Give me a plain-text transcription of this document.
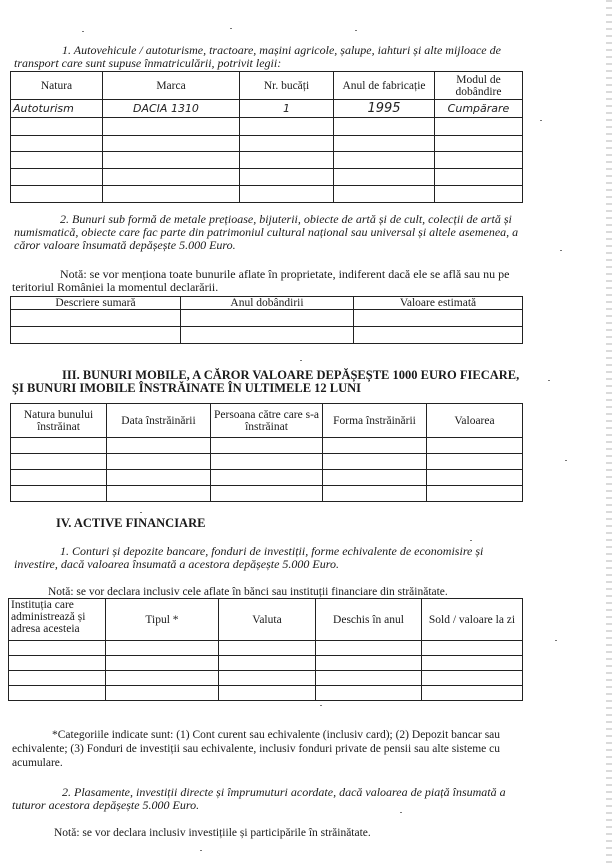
1. Autovehicule / autoturisme, tractoare, mașini agricole, șalupe, iahturi și alte mijloace de transport care sunt supuse înmatriculării, potrivit legii:
Natura	Marca	Nr. bucăți	Anul de fabricație	Modul de dobândire
Autoturism	DACIA 1310	1	1995	Cumpărare

2. Bunuri sub formă de metale prețioase, bijuterii, obiecte de artă și de cult, colecții de artă și numismatică, obiecte care fac parte din patrimoniul cultural național sau universal și altele asemenea, a căror valoare însumată depășește 5.000 Euro.
Notă: se vor menționa toate bunurile aflate în proprietate, indiferent dacă ele se află sau nu pe teritoriul României la momentul declarării.
Descriere sumară	Anul dobândirii	Valoare estimată

III. BUNURI MOBILE, A CĂROR VALOARE DEPĂȘEȘTE 1000 EURO FIECARE,
ȘI BUNURI IMOBILE ÎNSTRĂINATE ÎN ULTIMELE 12 LUNI
Natura bunului înstrăinat	Data înstrăinării	Persoana către care s-a înstrăinat	Forma înstrăinării	Valoarea

IV. ACTIVE FINANCIARE
1. Conturi și depozite bancare, fonduri de investiții, forme echivalente de economisire și investire, dacă valoarea însumată a acestora depășește 5.000 Euro.
Notă: se vor declara inclusiv cele aflate în bănci sau instituții financiare din străinătate.
Instituția care administrează și adresa acesteia	Tipul *	Valuta	Deschis în anul	Sold / valoare la zi

*Categoriile indicate sunt: (1) Cont curent sau echivalente (inclusiv card); (2) Depozit bancar sau echivalente; (3) Fonduri de investiții sau echivalente, inclusiv fonduri private de pensii sau alte sisteme cu acumulare.
2. Plasamente, investiții directe și împrumuturi acordate, dacă valoarea de piață însumată a tuturor acestora depășește 5.000 Euro.
Notă: se vor declara inclusiv investițiile și participările în străinătate.
